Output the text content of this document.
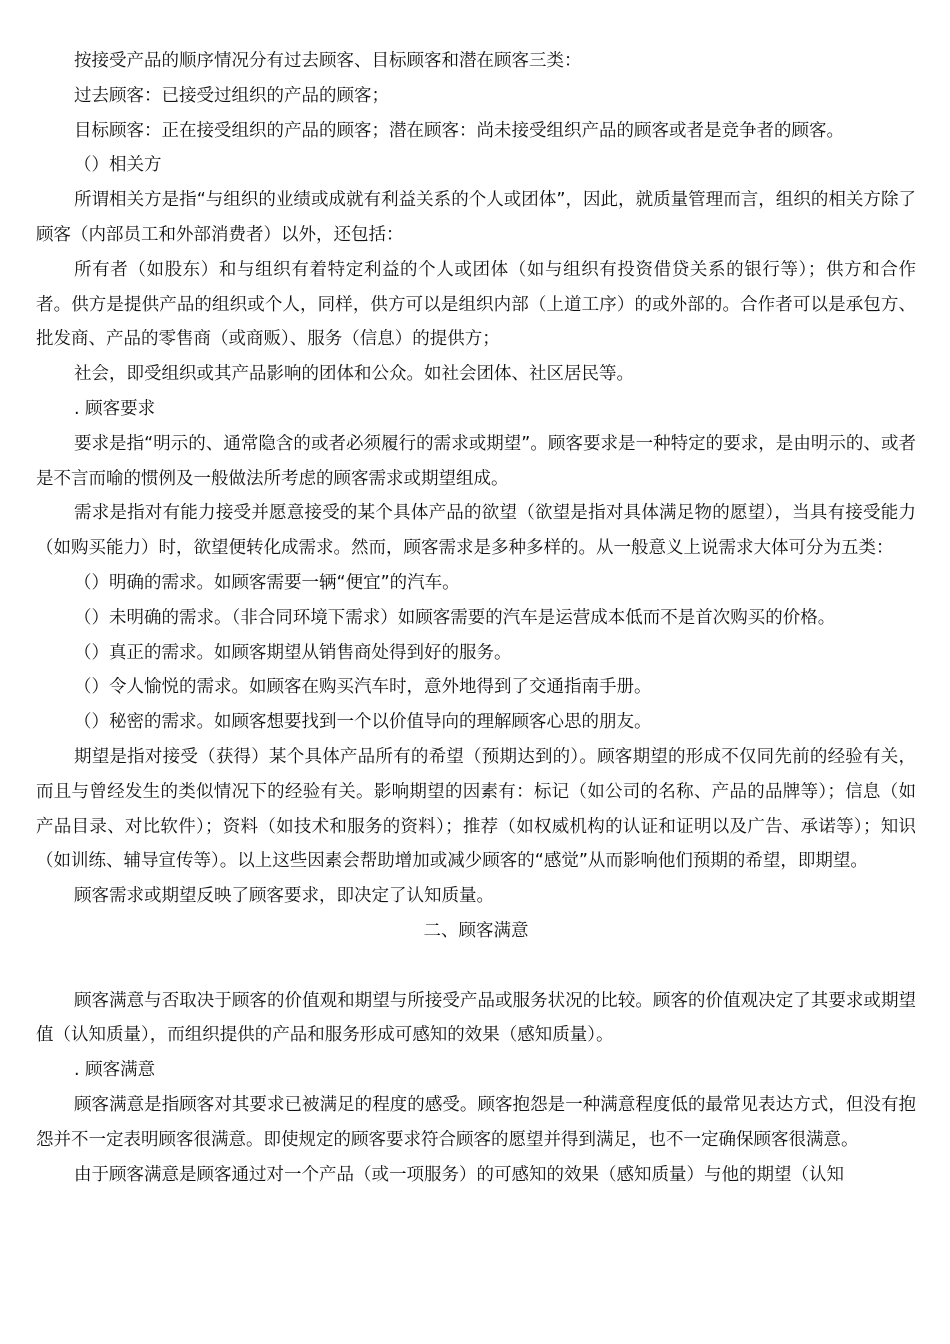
按接受产品的顺序情况分有过去顾客、目标顾客和潜在顾客三类：

过去顾客：已接受过组织的产品的顾客；

目标顾客：正在接受组织的产品的顾客；潜在顾客：尚未接受组织产品的顾客或者是竞争者的顾客。

（）相关方

所谓相关方是指“与组织的业绩或成就有利益关系的个人或团体”，因此，就质量管理而言，组织的相关方除了顾客（内部员工和外部消费者）以外，还包括：

所有者（如股东）和与组织有着特定利益的个人或团体（如与组织有投资借贷关系的银行等）；供方和合作者。供方是提供产品的组织或个人，同样，供方可以是组织内部（上道工序）的或外部的。合作者可以是承包方、批发商、产品的零售商（或商贩）、服务（信息）的提供方；

社会，即受组织或其产品影响的团体和公众。如社会团体、社区居民等。

. 顾客要求

要求是指“明示的、通常隐含的或者必须履行的需求或期望”。顾客要求是一种特定的要求，是由明示的、或者是不言而喻的惯例及一般做法所考虑的顾客需求或期望组成。

需求是指对有能力接受并愿意接受的某个具体产品的欲望（欲望是指对具体满足物的愿望），当具有接受能力（如购买能力）时，欲望便转化成需求。然而，顾客需求是多种多样的。从一般意义上说需求大体可分为五类：

（）明确的需求。如顾客需要一辆“便宜”的汽车。

（）未明确的需求。（非合同环境下需求）如顾客需要的汽车是运营成本低而不是首次购买的价格。

（）真正的需求。如顾客期望从销售商处得到好的服务。

（）令人愉悦的需求。如顾客在购买汽车时，意外地得到了交通指南手册。

（）秘密的需求。如顾客想要找到一个以价值导向的理解顾客心思的朋友。

期望是指对接受（获得）某个具体产品所有的希望（预期达到的）。顾客期望的形成不仅同先前的经验有关，而且与曾经发生的类似情况下的经验有关。影响期望的因素有：标记（如公司的名称、产品的品牌等）；信息（如产品目录、对比软件）；资料（如技术和服务的资料）；推荐（如权威机构的认证和证明以及广告、承诺等）；知识（如训练、辅导宣传等）。以上这些因素会帮助增加或减少顾客的“感觉”从而影响他们预期的希望，即期望。

顾客需求或期望反映了顾客要求，即决定了认知质量。

二、顾客满意

顾客满意与否取决于顾客的价值观和期望与所接受产品或服务状况的比较。顾客的价值观决定了其要求或期望值（认知质量），而组织提供的产品和服务形成可感知的效果（感知质量）。

. 顾客满意

顾客满意是指顾客对其要求已被满足的程度的感受。顾客抱怨是一种满意程度低的最常见表达方式，但没有抱怨并不一定表明顾客很满意。即使规定的顾客要求符合顾客的愿望并得到满足，也不一定确保顾客很满意。

由于顾客满意是顾客通过对一个产品（或一项服务）的可感知的效果（感知质量）与他的期望（认知
